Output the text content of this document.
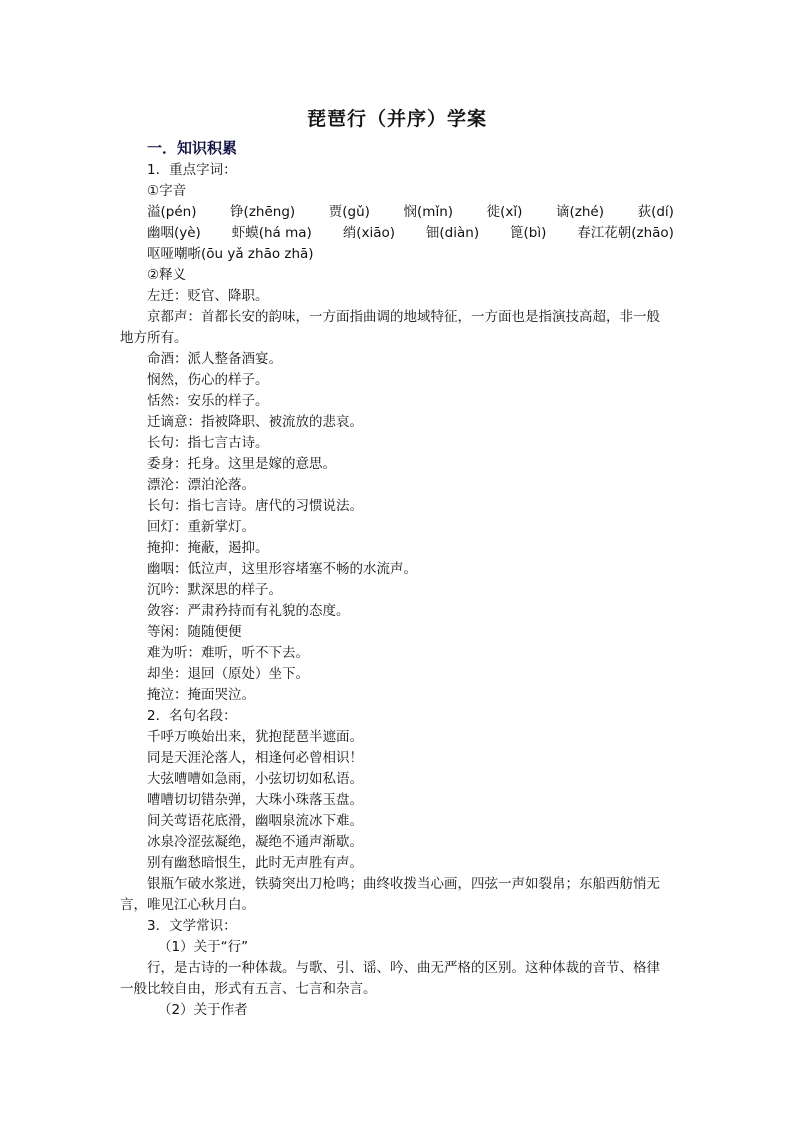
琵琶行（并序）学案
一．知识积累
1．重点字词：
①字音
溢(pén) 铮(zhēng) 贾(gǔ) 悯(mǐn) 徙(xǐ) 谪(zhé) 荻(dí)
幽咽(yè) 虾蟆(há ma) 绡(xiāo) 钿(diàn) 篦(bì) 春江花朝(zhāo)
呕哑嘲哳(ōu yǎ zhāo zhā)
②释义
左迁：贬官、降职。
京都声：首都长安的韵味，一方面指曲调的地域特征，一方面也是指演技高超，非一般
地方所有。
命酒：派人整备酒宴。
悯然，伤心的样子。
恬然：安乐的样子。
迁谪意：指被降职、被流放的悲哀。
长句：指七言古诗。
委身：托身。这里是嫁的意思。
漂沦：漂泊沦落。
长句：指七言诗。唐代的习惯说法。
回灯：重新掌灯。
掩抑：掩蔽，遏抑。
幽咽：低泣声，这里形容堵塞不畅的水流声。
沉吟：默深思的样子。
敛容：严肃矜持而有礼貌的态度。
等闲：随随便便
难为听：难听，听不下去。
却坐：退回（原处）坐下。
掩泣：掩面哭泣。
2．名句名段：
千呼万唤始出来，犹抱琵琶半遮面。
同是天涯沦落人，相逢何必曾相识！
大弦嘈嘈如急雨，小弦切切如私语。
嘈嘈切切错杂弹，大珠小珠落玉盘。
间关莺语花底滑，幽咽泉流冰下难。
冰泉冷涩弦凝绝，凝绝不通声渐歇。
别有幽愁暗恨生，此时无声胜有声。
银瓶乍破水浆迸，铁骑突出刀枪鸣；曲终收拨当心画，四弦一声如裂帛；东船西舫悄无
言，唯见江心秋月白。
3．文学常识：
（1）关于“行”
行，是古诗的一种体裁。与歌、引、谣、吟、曲无严格的区别。这种体裁的音节、格律
一般比较自由，形式有五言、七言和杂言。
（2）关于作者
